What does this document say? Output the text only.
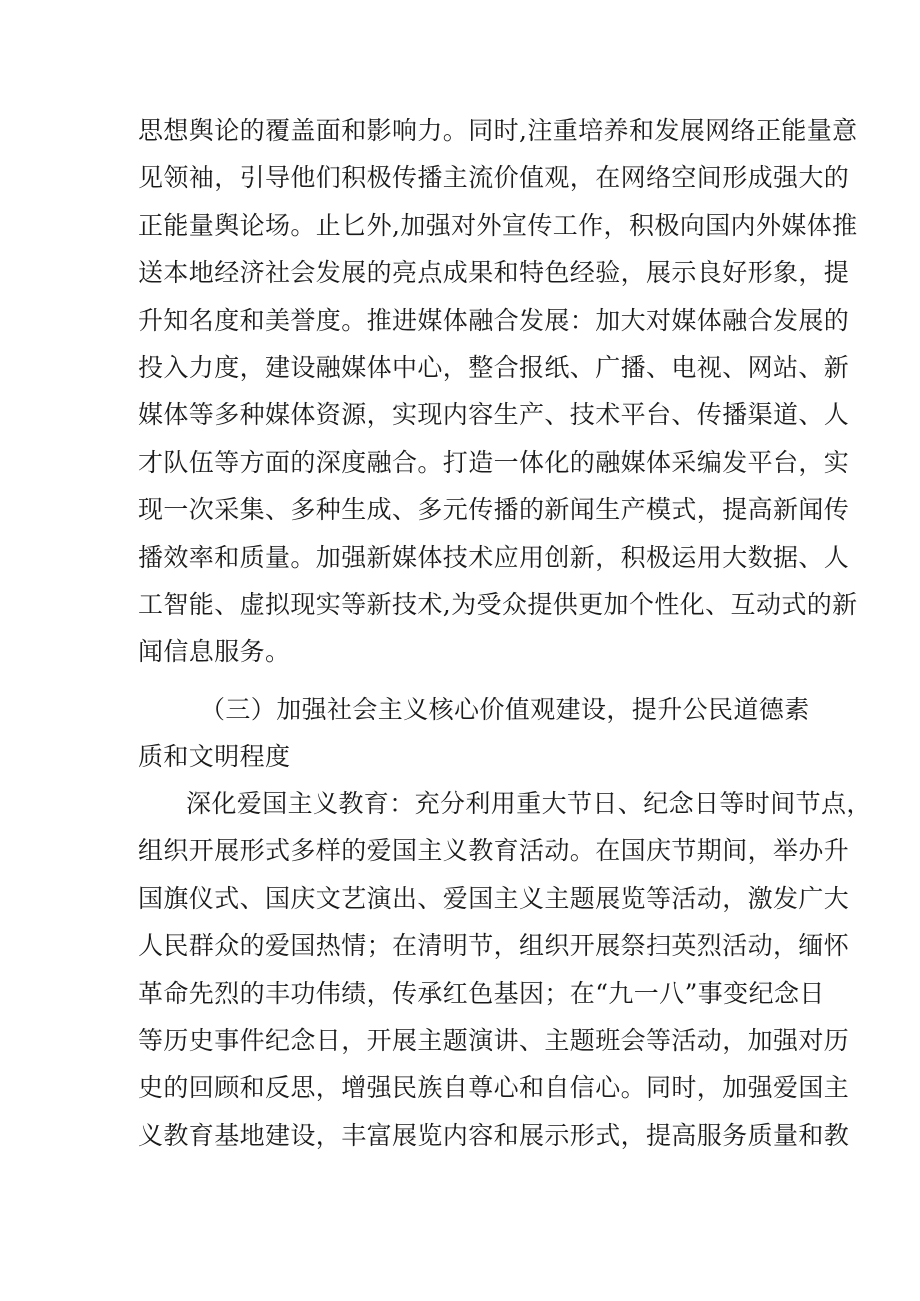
思想舆论的覆盖面和影响力。同时,注重培养和发展网络正能量意
见领袖，引导他们积极传播主流价值观，在网络空间形成强大的
正能量舆论场。止匕外,加强对外宣传工作，积极向国内外媒体推
送本地经济社会发展的亮点成果和特色经验，展示良好形象，提
升知名度和美誉度。推进媒体融合发展：加大对媒体融合发展的
投入力度，建设融媒体中心，整合报纸、广播、电视、网站、新
媒体等多种媒体资源，实现内容生产、技术平台、传播渠道、人
才队伍等方面的深度融合。打造一体化的融媒体采编发平台，实
现一次采集、多种生成、多元传播的新闻生产模式，提高新闻传
播效率和质量。加强新媒体技术应用创新，积极运用大数据、人
工智能、虚拟现实等新技术,为受众提供更加个性化、互动式的新
闻信息服务。
（三）加强社会主义核心价值观建设，提升公民道德素
质和文明程度
深化爱国主义教育：充分利用重大节日、纪念日等时间节点，
组织开展形式多样的爱国主义教育活动。在国庆节期间，举办升
国旗仪式、国庆文艺演出、爱国主义主题展览等活动，激发广大
人民群众的爱国热情；在清明节，组织开展祭扫英烈活动，缅怀
革命先烈的丰功伟绩，传承红色基因；在“九一八”事变纪念日
等历史事件纪念日，开展主题演讲、主题班会等活动，加强对历
史的回顾和反思，增强民族自尊心和自信心。同时，加强爱国主
义教育基地建设，丰富展览内容和展示形式，提高服务质量和教
